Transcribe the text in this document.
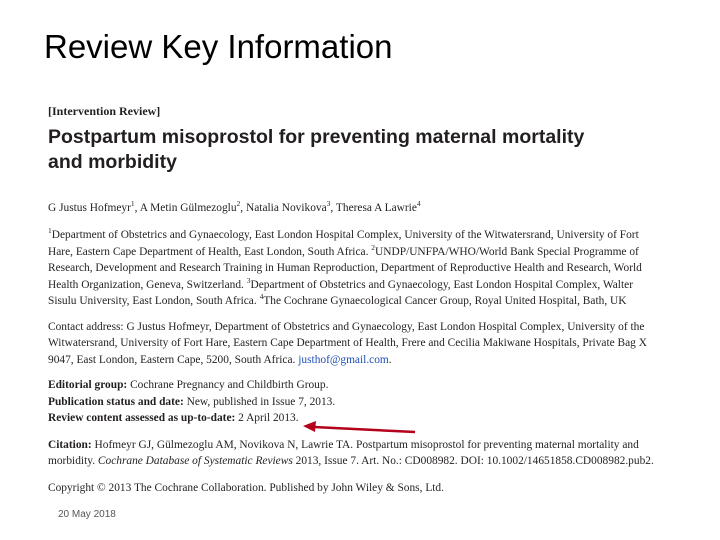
Review Key Information
[Intervention Review]
Postpartum misoprostol for preventing maternal mortality
and morbidity
G Justus Hofmeyr$^1$, A Metin Gülmezoglu$^2$, Natalia Novikova$^3$, Theresa A Lawrie$^4$
$^1$Department of Obstetrics and Gynaecology, East London Hospital Complex, University of the Witwatersrand, University of Fort
Hare, Eastern Cape Department of Health, East London, South Africa. $^2$UNDP/UNFPA/WHO/World Bank Special Programme of
Research, Development and Research Training in Human Reproduction, Department of Reproductive Health and Research, World
Health Organization, Geneva, Switzerland. $^3$Department of Obstetrics and Gynaecology, East London Hospital Complex, Walter
Sisulu University, East London, South Africa. $^4$The Cochrane Gynaecological Cancer Group, Royal United Hospital, Bath, UK
Contact address: G Justus Hofmeyr, Department of Obstetrics and Gynaecology, East London Hospital Complex, University of the
Witwatersrand, University of Fort Hare, Eastern Cape Department of Health, Frere and Cecilia Makiwane Hospitals, Private Bag X
9047, East London, Eastern Cape, 5200, South Africa. justhof@gmail.com.
Editorial group: Cochrane Pregnancy and Childbirth Group.
Publication status and date: New, published in Issue 7, 2013.
Review content assessed as up-to-date: 2 April 2013.
Citation: Hofmeyr GJ, Gülmezoglu AM, Novikova N, Lawrie TA. Postpartum misoprostol for preventing maternal mortality and
morbidity. Cochrane Database of Systematic Reviews 2013, Issue 7. Art. No.: CD008982. DOI: 10.1002/14651858.CD008982.pub2.
Copyright © 2013 The Cochrane Collaboration. Published by John Wiley & Sons, Ltd.
20 May 2018
